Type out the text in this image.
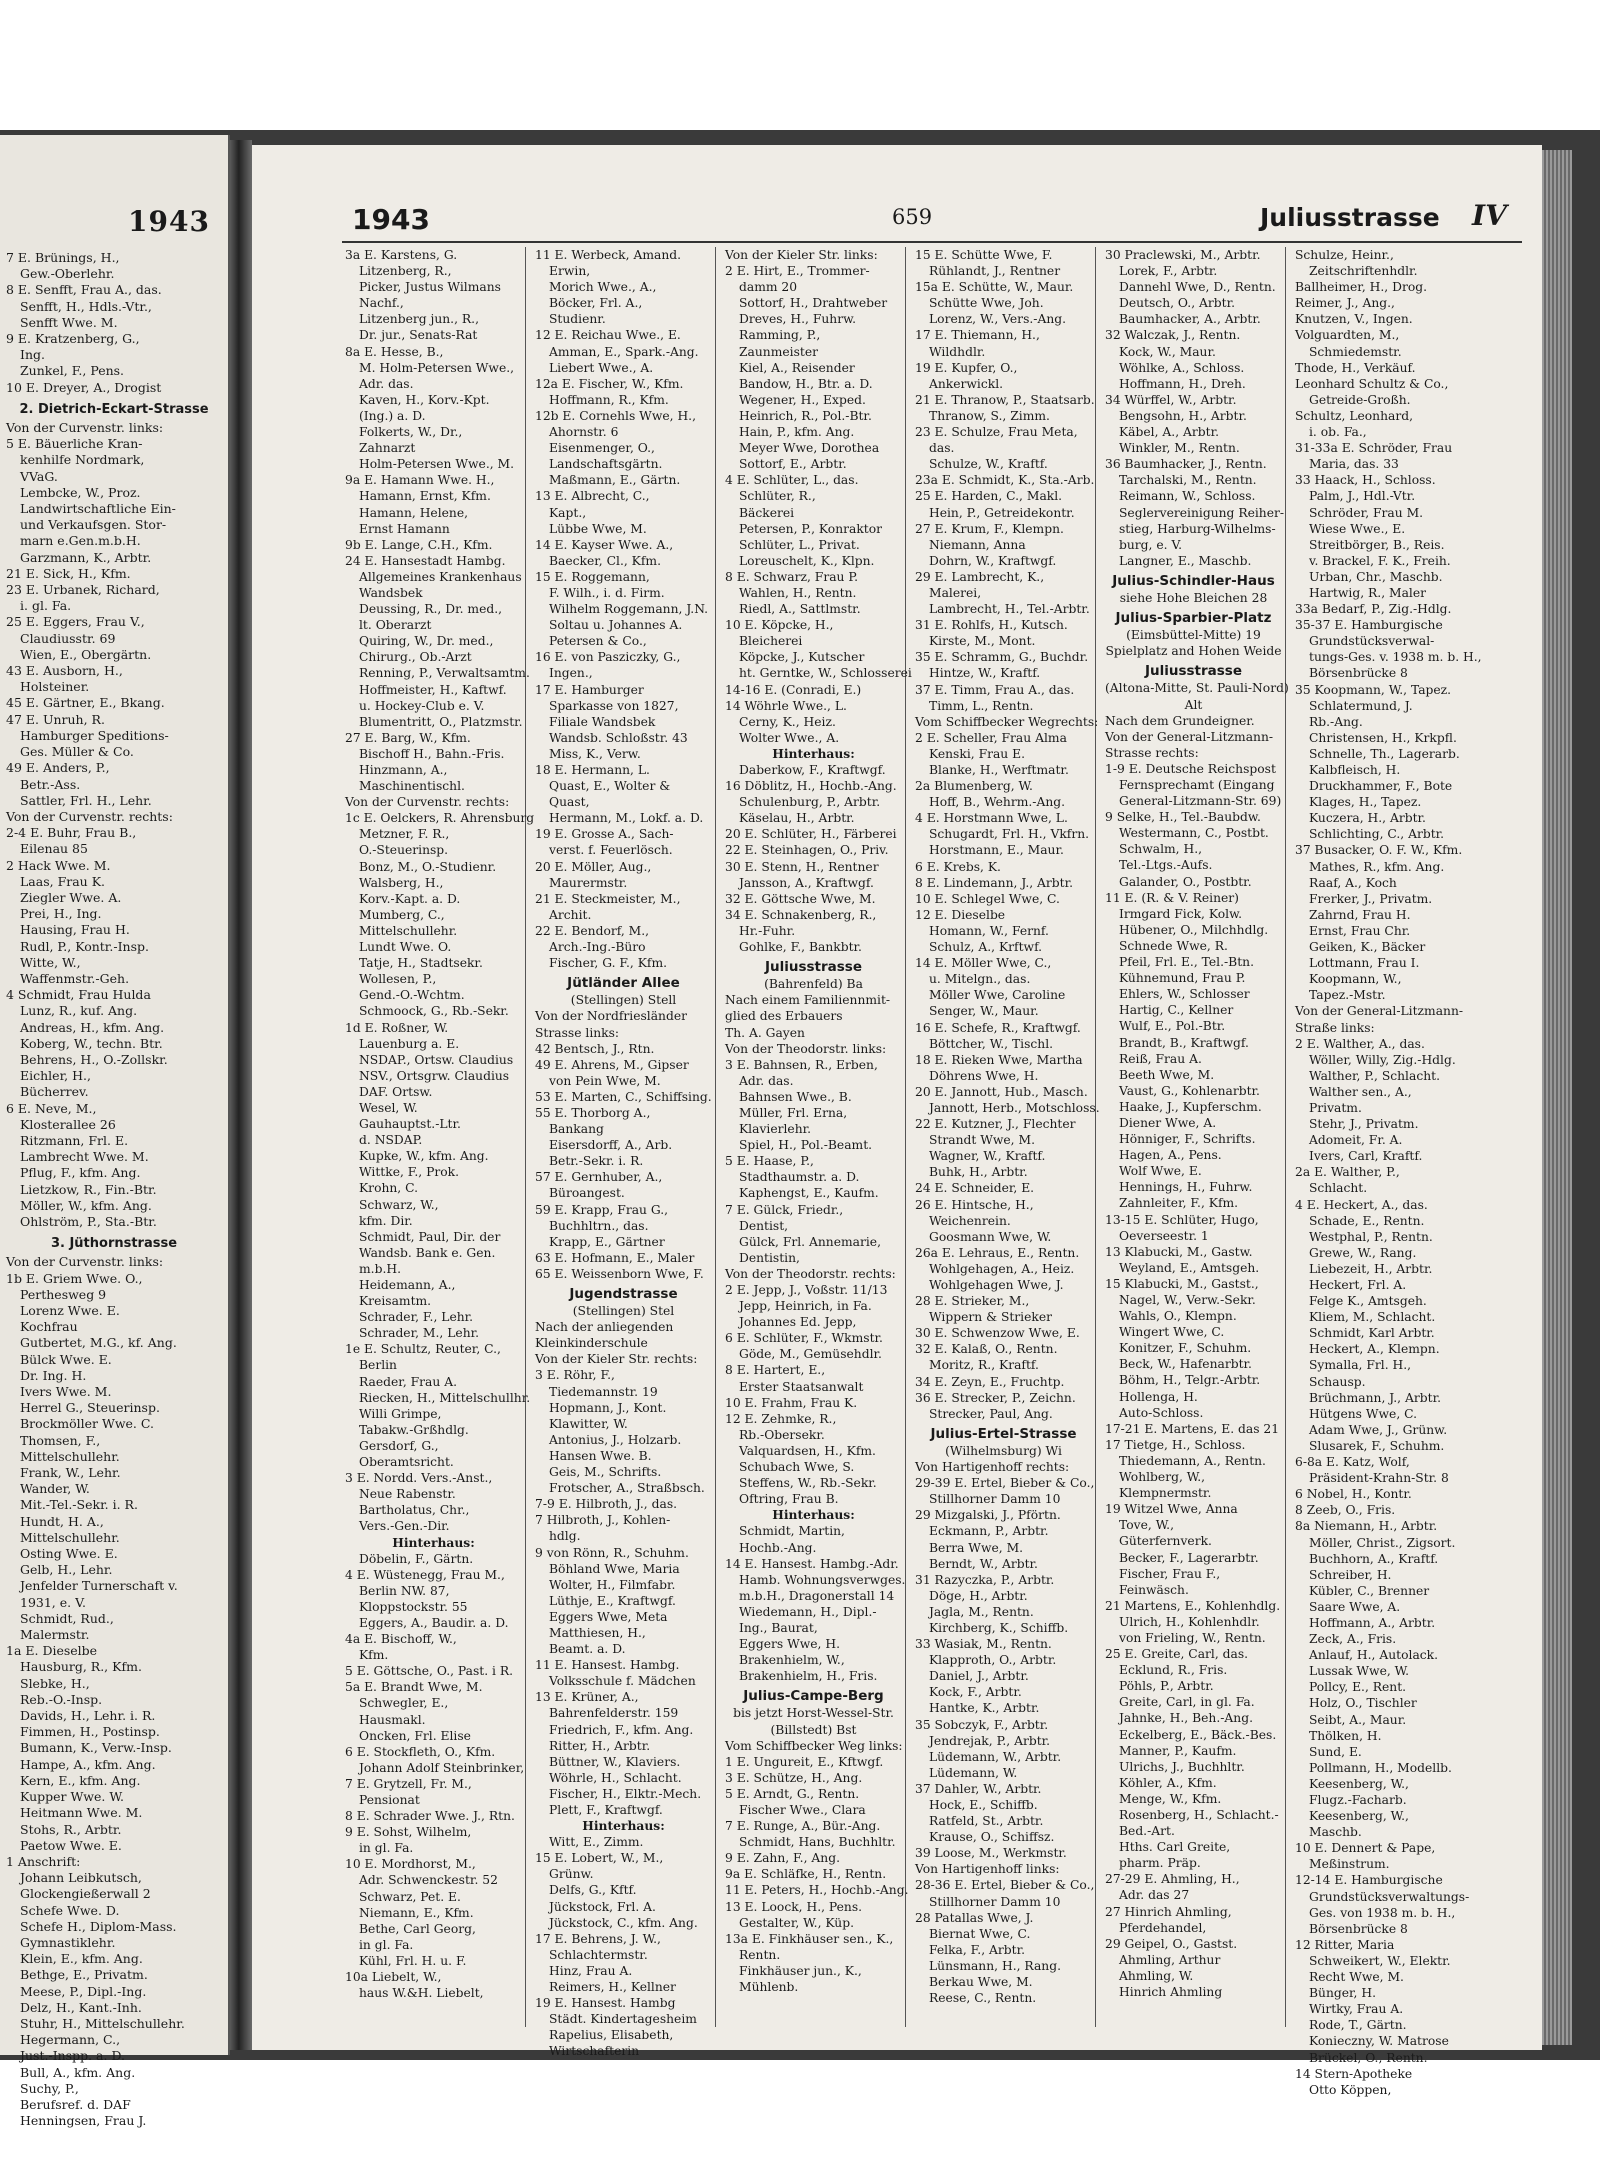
1943
7 E. Brünings, H.,
Gew.-Oberlehr.
8 E. Senfft, Frau A., das.
Senfft, H., Hdls.-Vtr.,
Senfft Wwe. M.
9 E. Kratzenberg, G.,
Ing.
Zunkel, F., Pens.
10 E. Dreyer, A., Drogist
2. Dietrich-Eckart-Strasse
Von der Curvenstr. links:
5 E. Bäuerliche Kran-
kenhilfe Nordmark,
VVaG.
Lembcke, W., Proz.
Landwirtschaftliche Ein-
und Verkaufsgen. Stor-
marn e.Gen.m.b.H.
Garzmann, K., Arbtr.
21 E. Sick, H., Kfm.
23 E. Urbanek, Richard,
i. gl. Fa.
25 E. Eggers, Frau V.,
Claudiusstr. 69
Wien, E., Obergärtn.
43 E. Ausborn, H.,
Holsteiner.
45 E. Gärtner, E., Bkang.
47 E. Unruh, R.
Hamburger Speditions-
Ges. Müller & Co.
49 E. Anders, P.,
Betr.-Ass.
Sattler, Frl. H., Lehr.
Von der Curvenstr. rechts:
2-4 E. Buhr, Frau B.,
Eilenau 85
2 Hack Wwe. M.
Laas, Frau K.
Ziegler Wwe. A.
Prei, H., Ing.
Hausing, Frau H.
Rudl, P., Kontr.-Insp.
Witte, W.,
Waffenmstr.-Geh.
4 Schmidt, Frau Hulda
Lunz, R., kuf. Ang.
Andreas, H., kfm. Ang.
Koberg, W., techn. Btr.
Behrens, H., O.-Zollskr.
Eichler, H.,
Bücherrev.
6 E. Neve, M.,
Klosterallee 26
Ritzmann, Frl. E.
Lambrecht Wwe. M.
Pflug, F., kfm. Ang.
Lietzkow, R., Fin.-Btr.
Möller, W., kfm. Ang.
Ohlström, P., Sta.-Btr.
3. Jüthornstrasse
Von der Curvenstr. links:
1b E. Griem Wwe. O.,
Perthesweg 9
Lorenz Wwe. E.
Kochfrau
Gutbertet, M.G., kf. Ang.
Bülck Wwe. E.
Dr. Ing. H.
Ivers Wwe. M.
Herrel G., Steuerinsp.
Brockmöller Wwe. C.
Thomsen, F.,
Mittelschullehr.
Frank, W., Lehr.
Wander, W.
Mit.-Tel.-Sekr. i. R.
Hundt, H. A.,
Mittelschullehr.
Osting Wwe. E.
Gelb, H., Lehr.
Jenfelder Turnerschaft v.
1931, e. V.
Schmidt, Rud.,
Malermstr.
1a E. Dieselbe
Hausburg, R., Kfm.
Slebke, H.,
Reb.-O.-Insp.
Davids, H., Lehr. i. R.
Fimmen, H., Postinsp.
Bumann, K., Verw.-Insp.
Hampe, A., kfm. Ang.
Kern, E., kfm. Ang.
Kupper Wwe. W.
Heitmann Wwe. M.
Stohs, R., Arbtr.
Paetow Wwe. E.
1 Anschrift:
Johann Leibkutsch,
Glockengießerwall 2
Schefe Wwe. D.
Schefe H., Diplom-Mass.
Gymnastiklehr.
Klein, E., kfm. Ang.
Bethge, E., Privatm.
Meese, P., Dipl.-Ing.
Delz, H., Kant.-Inh.
Stuhr, H., Mittelschullehr.
Hegermann, C.,
Just.-Inspp. a. D.
Bull, A., kfm. Ang.
Suchy, P.,
Berufsref. d. DAF
Henningsen, Frau J.
1943	659	Juliusstrasse IV
3a E. Karstens, G.
Litzenberg, R.,
Picker, Justus Wilmans
Nachf.,
Litzenberg jun., R.,
Dr. jur., Senats-Rat
8a E. Hesse, B.,
M. Holm-Petersen Wwe.,
Adr. das.
Kaven, H., Korv.-Kpt.
(Ing.) a. D.
Folkerts, W., Dr.,
Zahnarzt
Holm-Petersen Wwe., M.
9a E. Hamann Wwe. H.,
Hamann, Ernst, Kfm.
Hamann, Helene,
Ernst Hamann
9b E. Lange, C.H., Kfm.
24 E. Hansestadt Hambg.
Allgemeines Krankenhaus
Wandsbek
Deussing, R., Dr. med.,
lt. Oberarzt
Quiring, W., Dr. med.,
Chirurg., Ob.-Arzt
Renning, P., Verwaltsamtm.
Hoffmeister, H., Kaftwf.
u. Hockey-Club e. V.
Blumentritt, O., Platzmstr.
27 E. Barg, W., Kfm.
Bischoff H., Bahn.-Fris.
Hinzmann, A.,
Maschinentischl.
Von der Curvenstr. rechts:
1c E. Oelckers, R. Ahrensburg
Metzner, F. R.,
O.-Steuerinsp.
Bonz, M., O.-Studienr.
Walsberg, H.,
Korv.-Kapt. a. D.
Mumberg, C.,
Mittelschullehr.
Lundt Wwe. O.
Tatje, H., Stadtsekr.
Wollesen, P.,
Gend.-O.-Wchtm.
Schmoock, G., Rb.-Sekr.
1d E. Roßner, W.
Lauenburg a. E.
NSDAP., Ortsw. Claudius
NSV., Ortsgrw. Claudius
DAF. Ortsw.
Wesel, W.
Gauhauptst.-Ltr.
d. NSDAP.
Kupke, W., kfm. Ang.
Wittke, F., Prok.
Krohn, C.
Schwarz, W.,
kfm. Dir.
Schmidt, Paul, Dir. der
Wandsb. Bank e. Gen.
m.b.H.
Heidemann, A.,
Kreisamtm.
Schrader, F., Lehr.
Schrader, M., Lehr.
1e E. Schultz, Reuter, C.,
Berlin
Raeder, Frau A.
Riecken, H., Mittelschullhr.
Willi Grimpe,
Tabakw.-Grßhdlg.
Gersdorf, G.,
Oberamtsricht.
3 E. Nordd. Vers.-Anst.,
Neue Rabenstr.
Bartholatus, Chr.,
Vers.-Gen.-Dir.
Hinterhaus:
Döbelin, F., Gärtn.
4 E. Wüstenegg, Frau M.,
Berlin NW. 87,
Kloppstockstr. 55
Eggers, A., Baudir. a. D.
4a E. Bischoff, W.,
Kfm.
5 E. Göttsche, O., Past. i R.
5a E. Brandt Wwe, M.
Schwegler, E.,
Hausmakl.
Oncken, Frl. Elise
6 E. Stockfleth, O., Kfm.
Johann Adolf Steinbrinker,
7 E. Grytzell, Fr. M.,
Pensionat
8 E. Schrader Wwe. J., Rtn.
9 E. Sohst, Wilhelm,
in gl. Fa.
10 E. Mordhorst, M.,
Adr. Schwenckestr. 52
Schwarz, Pet. E.
Niemann, E., Kfm.
Bethe, Carl Georg,
in gl. Fa.
Kühl, Frl. H. u. F.
10a Liebelt, W.,
haus W.&H. Liebelt,
11 E. Werbeck, Amand.
Erwin,
Morich Wwe., A.,
Böcker, Frl. A.,
Studienr.
12 E. Reichau Wwe., E.
Amman, E., Spark.-Ang.
Liebert Wwe., A.
12a E. Fischer, W., Kfm.
Hoffmann, R., Kfm.
12b E. Cornehls Wwe, H.,
Ahornstr. 6
Eisenmenger, O.,
Landschaftsgärtn.
Maßmann, E., Gärtn.
13 E. Albrecht, C.,
Kapt.,
Lübbe Wwe, M.
14 E. Kayser Wwe. A.,
Baecker, Cl., Kfm.
15 E. Roggemann,
F. Wilh., i. d. Firm.
Wilhelm Roggemann, J.N.
Soltau u. Johannes A.
Petersen & Co.,
16 E. von Pasziczky, G.,
Ingen.,
17 E. Hamburger
Sparkasse von 1827,
Filiale Wandsbek
Wandsb. Schloßstr. 43
Miss, K., Verw.
18 E. Hermann, L.
Quast, E., Wolter &
Quast,
Hermann, M., Lokf. a. D.
19 E. Grosse A., Sach-
verst. f. Feuerlösch.
20 E. Möller, Aug.,
Maurermstr.
21 E. Steckmeister, M.,
Archit.
22 E. Bendorf, M.,
Arch.-Ing.-Büro
Fischer, G. F., Kfm.
Jütländer Allee
(Stellingen) Stell
Von der Nordfriesländer
Strasse links:
42 Bentsch, J., Rtn.
49 E. Ahrens, M., Gipser
von Pein Wwe, M.
53 E. Marten, C., Schiffsing.
55 E. Thorborg A.,
Bankang
Eisersdorff, A., Arb.
Betr.-Sekr. i. R.
57 E. Gernhuber, A.,
Büroangest.
59 E. Krapp, Frau G.,
Buchhltrn., das.
Krapp, E., Gärtner
63 E. Hofmann, E., Maler
65 E. Weissenborn Wwe, F.
Jugendstrasse
(Stellingen) Stel
Nach der anliegenden
Kleinkinderschule
Von der Kieler Str. rechts:
3 E. Röhr, F.,
Tiedemannstr. 19
Hopmann, J., Kont.
Klawitter, W.
Antonius, J., Holzarb.
Hansen Wwe. B.
Geis, M., Schrifts.
Frotscher, A., Straßbsch.
7-9 E. Hilbroth, J., das.
7 Hilbroth, J., Kohlen-
hdlg.
9 von Rönn, R., Schuhm.
Böhland Wwe, Maria
Wolter, H., Filmfabr.
Lüthje, E., Kraftwgf.
Eggers Wwe, Meta
Matthiesen, H.,
Beamt. a. D.
11 E. Hansest. Hambg.
Volksschule f. Mädchen
13 E. Krüner, A.,
Bahrenfelderstr. 159
Friedrich, F., kfm. Ang.
Ritter, H., Arbtr.
Büttner, W., Klaviers.
Wöhrle, H., Schlacht.
Fischer, H., Elktr.-Mech.
Plett, F., Kraftwgf.
Hinterhaus:
Witt, E., Zimm.
15 E. Lobert, W., M.,
Grünw.
Delfs, G., Kftf.
Jückstock, Frl. A.
Jückstock, C., kfm. Ang.
17 E. Behrens, J. W.,
Schlachtermstr.
Hinz, Frau A.
Reimers, H., Kellner
19 E. Hansest. Hambg
Städt. Kindertagesheim
Rapelius, Elisabeth,
Wirtschafterin
Von der Kieler Str. links:
2 E. Hirt, E., Trommer-
damm 20
Sottorf, H., Drahtweber
Dreves, H., Fuhrw.
Ramming, P.,
Zaunmeister
Kiel, A., Reisender
Bandow, H., Btr. a. D.
Wegener, H., Exped.
Heinrich, R., Pol.-Btr.
Hain, P., kfm. Ang.
Meyer Wwe, Dorothea
Sottorf, E., Arbtr.
4 E. Schlüter, L., das.
Schlüter, R.,
Bäckerei
Petersen, P., Konraktor
Schlüter, L., Privat.
Loreuschelt, K., Klpn.
8 E. Schwarz, Frau P.
Wahlen, H., Rentn.
Riedl, A., Sattlmstr.
10 E. Köpcke, H.,
Bleicherei
Köpcke, J., Kutscher
ht. Gerntke, W., Schlosserei
14-16 E. (Conradi, E.)
14 Wöhrle Wwe., L.
Cerny, K., Heiz.
Wolter Wwe., A.
Hinterhaus:
Daberkow, F., Kraftwgf.
16 Döblitz, H., Hochb.-Ang.
Schulenburg, P., Arbtr.
Käselau, H., Arbtr.
20 E. Schlüter, H., Färberei
22 E. Steinhagen, O., Priv.
30 E. Stenn, H., Rentner
Jansson, A., Kraftwgf.
32 E. Göttsche Wwe, M.
34 E. Schnakenberg, R.,
Hr.-Fuhr.
Gohlke, F., Bankbtr.
Juliusstrasse
(Bahrenfeld) Ba
Nach einem Familiennmit-
glied des Erbauers
Th. A. Gayen
Von der Theodorstr. links:
3 E. Bahnsen, R., Erben,
Adr. das.
Bahnsen Wwe., B.
Müller, Frl. Erna,
Klavierlehr.
Spiel, H., Pol.-Beamt.
5 E. Haase, P.,
Stadthaumstr. a. D.
Kaphengst, E., Kaufm.
7 E. Gülck, Friedr.,
Dentist,
Gülck, Frl. Annemarie,
Dentistin,
Von der Theodorstr. rechts:
2 E. Jepp, J., Voßstr. 11/13
Jepp, Heinrich, in Fa.
Johannes Ed. Jepp,
6 E. Schlüter, F., Wkmstr.
Göde, M., Gemüsehdlr.
8 E. Hartert, E.,
Erster Staatsanwalt
10 E. Frahm, Frau K.
12 E. Zehmke, R.,
Rb.-Obersekr.
Valquardsen, H., Kfm.
Schubach Wwe, S.
Steffens, W., Rb.-Sekr.
Oftring, Frau B.
Hinterhaus:
Schmidt, Martin,
Hochb.-Ang.
14 E. Hansest. Hambg.-Adr.
Hamb. Wohnungsverwges.
m.b.H., Dragonerstall 14
Wiedemann, H., Dipl.-
Ing., Baurat,
Eggers Wwe, H.
Brakenhielm, W.,
Brakenhielm, H., Fris.
Julius-Campe-Berg
bis jetzt Horst-Wessel-Str.
(Billstedt) Bst
Vom Schiffbecker Weg links:
1 E. Ungureit, E., Kftwgf.
3 E. Schütze, H., Ang.
5 E. Arndt, G., Rentn.
Fischer Wwe., Clara
7 E. Runge, A., Bür.-Ang.
Schmidt, Hans, Buchhltr.
9 E. Zahn, F., Ang.
9a E. Schläfke, H., Rentn.
11 E. Peters, H., Hochb.-Ang.
13 E. Loock, H., Pens.
Gestalter, W., Küp.
13a E. Finkhäuser sen., K.,
Rentn.
Finkhäuser jun., K.,
Mühlenb.
15 E. Schütte Wwe, F.
Rühlandt, J., Rentner
15a E. Schütte, W., Maur.
Schütte Wwe, Joh.
Lorenz, W., Vers.-Ang.
17 E. Thiemann, H.,
Wildhdlr.
19 E. Kupfer, O.,
Ankerwickl.
21 E. Thranow, P., Staatsarb.
Thranow, S., Zimm.
23 E. Schulze, Frau Meta,
das.
Schulze, W., Kraftf.
23a E. Schmidt, K., Sta.-Arb.
25 E. Harden, C., Makl.
Hein, P., Getreidekontr.
27 E. Krum, F., Klempn.
Niemann, Anna
Dohrn, W., Kraftwgf.
29 E. Lambrecht, K.,
Malerei,
Lambrecht, H., Tel.-Arbtr.
31 E. Rohlfs, H., Kutsch.
Kirste, M., Mont.
35 E. Schramm, G., Buchdr.
Hintze, W., Kraftf.
37 E. Timm, Frau A., das.
Timm, L., Rentn.
Vom Schiffbecker Wegrechts:
2 E. Scheller, Frau Alma
Kenski, Frau E.
Blanke, H., Werftmatr.
2a Blumenberg, W.
Hoff, B., Wehrm.-Ang.
4 E. Horstmann Wwe, L.
Schugardt, Frl. H., Vkfrn.
Horstmann, E., Maur.
6 E. Krebs, K.
8 E. Lindemann, J., Arbtr.
10 E. Schlegel Wwe, C.
12 E. Dieselbe
Homann, W., Fernf.
Schulz, A., Krftwf.
14 E. Möller Wwe, C.,
u. Mitelgn., das.
Möller Wwe, Caroline
Senger, W., Maur.
16 E. Schefe, R., Kraftwgf.
Böttcher, W., Tischl.
18 E. Rieken Wwe, Martha
Döhrens Wwe, H.
20 E. Jannott, Hub., Masch.
Jannott, Herb., Motschloss.
22 E. Kutzner, J., Flechter
Strandt Wwe, M.
Wagner, W., Kraftf.
Buhk, H., Arbtr.
24 E. Schneider, E.
26 E. Hintsche, H.,
Weichenrein.
Goosmann Wwe, W.
26a E. Lehraus, E., Rentn.
Wohlgehagen, A., Heiz.
Wohlgehagen Wwe, J.
28 E. Strieker, M.,
Wippern & Strieker
30 E. Schwenzow Wwe, E.
32 E. Kalaß, O., Rentn.
Moritz, R., Kraftf.
34 E. Zeyn, E., Fruchtp.
36 E. Strecker, P., Zeichn.
Strecker, Paul, Ang.
Julius-Ertel-Strasse
(Wilhelmsburg) Wi
Von Hartigenhoff rechts:
29-39 E. Ertel, Bieber & Co.,
Stillhorner Damm 10
29 Mizgalski, J., Pförtn.
Eckmann, P., Arbtr.
Berra Wwe, M.
Berndt, W., Arbtr.
31 Razyczka, P., Arbtr.
Döge, H., Arbtr.
Jagla, M., Rentn.
Kirchberg, K., Schiffb.
33 Wasiak, M., Rentn.
Klapproth, O., Arbtr.
Daniel, J., Arbtr.
Kock, F., Arbtr.
Hantke, K., Arbtr.
35 Sobczyk, F., Arbtr.
Jendrejak, P., Arbtr.
Lüdemann, W., Arbtr.
Lüdemann, W.
37 Dahler, W., Arbtr.
Hock, E., Schiffb.
Ratfeld, St., Arbtr.
Krause, O., Schiffsz.
39 Loose, M., Werkmstr.
Von Hartigenhoff links:
28-36 E. Ertel, Bieber & Co.,
Stillhorner Damm 10
28 Patallas Wwe, J.
Biernat Wwe, C.
Felka, F., Arbtr.
Lünsmann, H., Rang.
Berkau Wwe, M.
Reese, C., Rentn.
30 Praclewski, M., Arbtr.
Lorek, F., Arbtr.
Dannehl Wwe, D., Rentn.
Deutsch, O., Arbtr.
Baumhacker, A., Arbtr.
32 Walczak, J., Rentn.
Kock, W., Maur.
Wöhlke, A., Schloss.
Hoffmann, H., Dreh.
34 Würffel, W., Arbtr.
Bengsohn, H., Arbtr.
Käbel, A., Arbtr.
Winkler, M., Rentn.
36 Baumhacker, J., Rentn.
Tarchalski, M., Rentn.
Reimann, W., Schloss.
Seglervereinigung Reiher-
stieg, Harburg-Wilhelms-
burg, e. V.
Langner, E., Maschb.
Julius-Schindler-Haus
siehe Hohe Bleichen 28
Julius-Sparbier-Platz
(Eimsbüttel-Mitte) 19
Spielplatz and Hohen Weide
Juliusstrasse
(Altona-Mitte, St. Pauli-Nord)
Alt
Nach dem Grundeigner.
Von der General-Litzmann-
Strasse rechts:
1-9 E. Deutsche Reichspost
Fernsprechamt (Eingang
General-Litzmann-Str. 69)
9 Selke, H., Tel.-Baubdw.
Westermann, C., Postbt.
Schwalm, H.,
Tel.-Ltgs.-Aufs.
Galander, O., Postbtr.
11 E. (R. & V. Reiner)
Irmgard Fick, Kolw.
Hübener, O., Milchhdlg.
Schnede Wwe, R.
Pfeil, Frl. E., Tel.-Btn.
Kühnemund, Frau P.
Ehlers, W., Schlosser
Hartig, C., Kellner
Wulf, E., Pol.-Btr.
Brandt, B., Kraftwgf.
Reiß, Frau A.
Beeth Wwe, M.
Vaust, G., Kohlenarbtr.
Haake, J., Kupferschm.
Diener Wwe, A.
Hönniger, F., Schrifts.
Hagen, A., Pens.
Wolf Wwe, E.
Hennings, H., Fuhrw.
Zahnleiter, F., Kfm.
13-15 E. Schlüter, Hugo,
Oeverseestr. 1
13 Klabucki, M., Gastw.
Weyland, E., Amtsgeh.
15 Klabucki, M., Gastst.,
Nagel, W., Verw.-Sekr.
Wahls, O., Klempn.
Wingert Wwe, C.
Konitzer, F., Schuhm.
Beck, W., Hafenarbtr.
Böhm, H., Telgr.-Arbtr.
Hollenga, H.
Auto-Schloss.
17-21 E. Martens, E. das 21
17 Tietge, H., Schloss.
Thiedemann, A., Rentn.
Wohlberg, W.,
Klempnermstr.
19 Witzel Wwe, Anna
Tove, W.,
Güterfernverk.
Becker, F., Lagerarbtr.
Fischer, Frau F.,
Feinwäsch.
21 Martens, E., Kohlenhdlg.
Ulrich, H., Kohlenhdlr.
von Frieling, W., Rentn.
25 E. Greite, Carl, das.
Ecklund, R., Fris.
Pöhls, P., Arbtr.
Greite, Carl, in gl. Fa.
Jahnke, H., Beh.-Ang.
Eckelberg, E., Bäck.-Bes.
Manner, P., Kaufm.
Ulrichs, J., Buchhltr.
Köhler, A., Kfm.
Menge, W., Kfm.
Rosenberg, H., Schlacht.-
Bed.-Art.
Hths. Carl Greite,
pharm. Präp.
27-29 E. Ahmling, H.,
Adr. das 27
27 Hinrich Ahmling,
Pferdehandel,
29 Geipel, O., Gastst.
Ahmling, Arthur
Ahmling, W.
Hinrich Ahmling
Schulze, Heinr.,
Zeitschriftenhdlr.
Ballheimer, H., Drog.
Reimer, J., Ang.,
Knutzen, V., Ingen.
Volguardten, M.,
Schmiedemstr.
Thode, H., Verkäuf.
Leonhard Schultz & Co.,
Getreide-Großh.
Schultz, Leonhard,
i. ob. Fa.,
31-33a E. Schröder, Frau
Maria, das. 33
33 Haack, H., Schloss.
Palm, J., Hdl.-Vtr.
Schröder, Frau M.
Wiese Wwe., E.
Streitbörger, B., Reis.
v. Brackel, F. K., Freih.
Urban, Chr., Maschb.
Hartwig, R., Maler
33a Bedarf, P., Zig.-Hdlg.
35-37 E. Hamburgische
Grundstücksverwal-
tungs-Ges. v. 1938 m. b. H.,
Börsenbrücke 8
35 Koopmann, W., Tapez.
Schlatermund, J.
Rb.-Ang.
Christensen, H., Krkpfl.
Schnelle, Th., Lagerarb.
Kalbfleisch, H.
Druckhammer, F., Bote
Klages, H., Tapez.
Kuczera, H., Arbtr.
Schlichting, C., Arbtr.
37 Busacker, O. F. W., Kfm.
Mathes, R., kfm. Ang.
Raaf, A., Koch
Frerker, J., Privatm.
Zahrnd, Frau H.
Ernst, Frau Chr.
Geiken, K., Bäcker
Lottmann, Frau I.
Koopmann, W.,
Tapez.-Mstr.
Von der General-Litzmann-
Straße links:
2 E. Walther, A., das.
Wöller, Willy, Zig.-Hdlg.
Walther, P., Schlacht.
Walther sen., A.,
Privatm.
Stehr, J., Privatm.
Adomeit, Fr. A.
Ivers, Carl, Kraftf.
2a E. Walther, P.,
Schlacht.
4 E. Heckert, A., das.
Schade, E., Rentn.
Westphal, P., Rentn.
Grewe, W., Rang.
Liebezeit, H., Arbtr.
Heckert, Frl. A.
Felge K., Amtsgeh.
Kliem, M., Schlacht.
Schmidt, Karl Arbtr.
Heckert, A., Klempn.
Symalla, Frl. H.,
Schausp.
Brüchmann, J., Arbtr.
Hütgens Wwe, C.
Adam Wwe, J., Grünw.
Slusarek, F., Schuhm.
6-8a E. Katz, Wolf,
Präsident-Krahn-Str. 8
6 Nobel, H., Kontr.
8 Zeeb, O., Fris.
8a Niemann, H., Arbtr.
Möller, Christ., Zigsort.
Buchhorn, A., Kraftf.
Schreiber, H.
Kübler, C., Brenner
Saare Wwe, A.
Hoffmann, A., Arbtr.
Zeck, A., Fris.
Anlauf, H., Autolack.
Lussak Wwe, W.
Pollcy, E., Rent.
Holz, O., Tischler
Seibt, A., Maur.
Thölken, H.
Sund, E.
Pollmann, H., Modellb.
Keesenberg, W.,
Flugz.-Facharb.
Keesenberg, W.,
Maschb.
10 E. Dennert & Pape,
Meßinstrum.
12-14 E. Hamburgische
Grundstücksverwaltungs-
Ges. von 1938 m. b. H.,
Börsenbrücke 8
12 Ritter, Maria
Schweikert, W., Elektr.
Recht Wwe, M.
Bünger, H.
Wirtky, Frau A.
Rode, T., Gärtn.
Konieczny, W. Matrose
Brückel, O., Rentn.
14 Stern-Apotheke
Otto Köppen,
